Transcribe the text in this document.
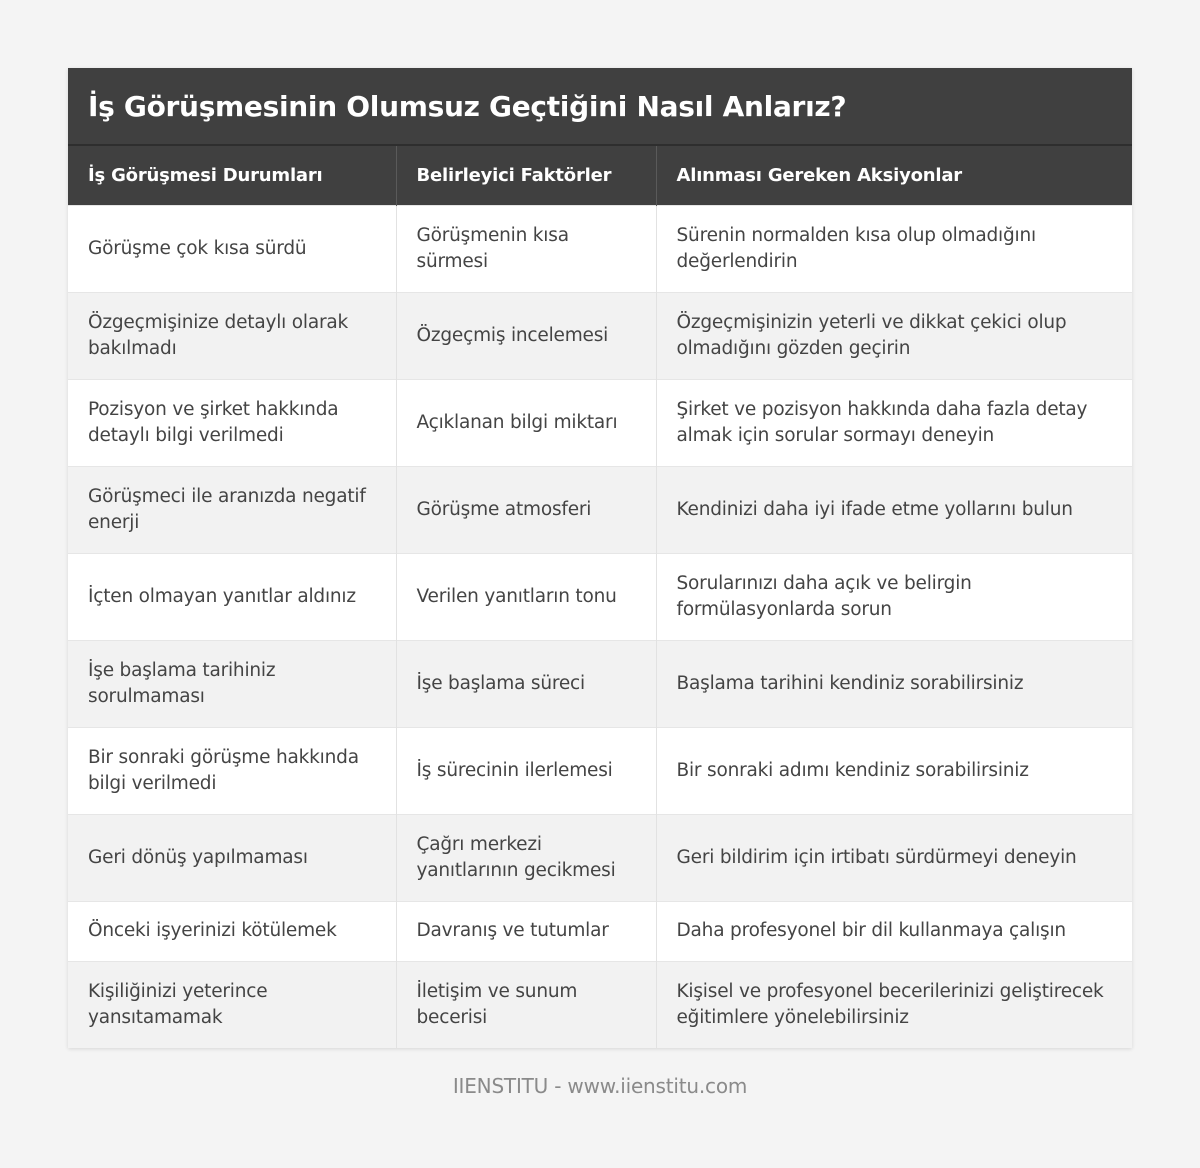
İş Görüşmesinin Olumsuz Geçtiğini Nasıl Anlarız?
İş Görüşmesi Durumları	Belirleyici Faktörler	Alınması Gereken Aksiyonlar
Görüşme çok kısa sürdü	Görüşmenin kısa sürmesi	Sürenin normalden kısa olup olmadığını değerlendirin
Özgeçmişinize detaylı olarak bakılmadı	Özgeçmiş incelemesi	Özgeçmişinizin yeterli ve dikkat çekici olup olmadığını gözden geçirin
Pozisyon ve şirket hakkında detaylı bilgi verilmedi	Açıklanan bilgi miktarı	Şirket ve pozisyon hakkında daha fazla detay almak için sorular sormayı deneyin
Görüşmeci ile aranızda negatif enerji	Görüşme atmosferi	Kendinizi daha iyi ifade etme yollarını bulun
İçten olmayan yanıtlar aldınız	Verilen yanıtların tonu	Sorularınızı daha açık ve belirgin formülasyonlarda sorun
İşe başlama tarihiniz sorulmaması	İşe başlama süreci	Başlama tarihini kendiniz sorabilirsiniz
Bir sonraki görüşme hakkında bilgi verilmedi	İş sürecinin ilerlemesi	Bir sonraki adımı kendiniz sorabilirsiniz
Geri dönüş yapılmaması	Çağrı merkezi yanıtlarının gecikmesi	Geri bildirim için irtibatı sürdürmeyi deneyin
Önceki işyerinizi kötülemek	Davranış ve tutumlar	Daha profesyonel bir dil kullanmaya çalışın
Kişiliğinizi yeterince yansıtamamak	İletişim ve sunum becerisi	Kişisel ve profesyonel becerilerinizi geliştirecek eğitimlere yönelebilirsiniz
IIENSTITU - www.iienstitu.com
